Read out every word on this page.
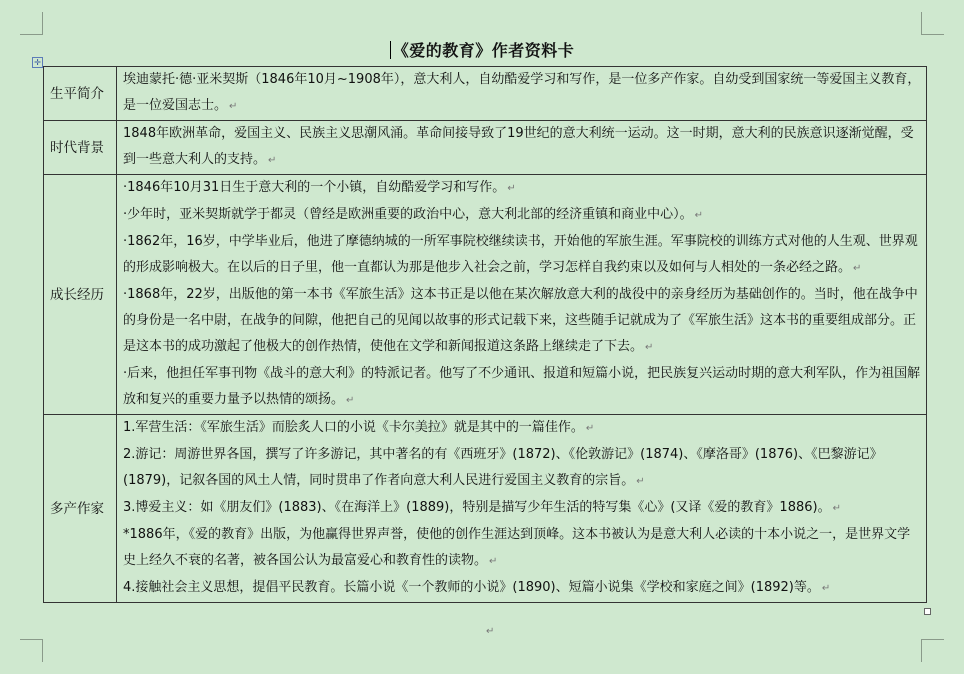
《爱的教育》作者资料卡
✛
生平简介	埃迪蒙托·德·亚米契斯（1846年10月~1908年），意大利人，自幼酷爱学习和写作，是一位多产作家。自幼受到国家统一等爱国主义教育，是一位爱国志士。 ↵

时代背景	1848年欧洲革命，爱国主义、民族主义思潮风涌。革命间接导致了19世纪的意大利统一运动。这一时期，意大利的民族意识逐渐觉醒，受到一些意大利人的支持。 ↵

成长经历	·1846年10月31日生于意大利的一个小镇，自幼酷爱学习和写作。 ↵
·少年时，亚米契斯就学于都灵（曾经是欧洲重要的政治中心，意大利北部的经济重镇和商业中心）。 ↵
·1862年，16岁，中学毕业后，他进了摩德纳城的一所军事院校继续读书，开始他的军旅生涯。军事院校的训练方式对他的人生观、世界观的形成影响极大。在以后的日子里，他一直都认为那是他步入社会之前，学习怎样自我约束以及如何与人相处的一条必经之路。 ↵
·1868年，22岁，出版他的第一本书《军旅生活》这本书正是以他在某次解放意大利的战役中的亲身经历为基础创作的。当时，他在战争中的身份是一名中尉，在战争的间隙，他把自己的见闻以故事的形式记载下来，这些随手记就成为了《军旅生活》这本书的重要组成部分。正是这本书的成功激起了他极大的创作热情，使他在文学和新闻报道这条路上继续走了下去。 ↵
·后来，他担任军事刊物《战斗的意大利》的特派记者。他写了不少通讯、报道和短篇小说，把民族复兴运动时期的意大利军队，作为祖国解放和复兴的重要力量予以热情的颂扬。 ↵

多产作家	1.军营生活：《军旅生活》而脍炙人口的小说《卡尔美拉》就是其中的一篇佳作。 ↵
2.游记：周游世界各国，撰写了许多游记，其中著名的有《西班牙》(1872)、《伦敦游记》(1874)、《摩洛哥》(1876)、《巴黎游记》(1879)，记叙各国的风土人情，同时贯串了作者向意大利人民进行爱国主义教育的宗旨。 ↵
3.博爱主义：如《朋友们》(1883)、《在海洋上》(1889)，特别是描写少年生活的特写集《心》(又译《爱的教育》1886)。 ↵
*1886年，《爱的教育》出版，为他赢得世界声誉，使他的创作生涯达到顶峰。这本书被认为是意大利人必读的十本小说之一，是世界文学史上经久不衰的名著，被各国公认为最富爱心和教育性的读物。 ↵
4.接触社会主义思想，提倡平民教育。长篇小说《一个教师的小说》(1890)、短篇小说集《学校和家庭之间》(1892)等。 ↵
↵
